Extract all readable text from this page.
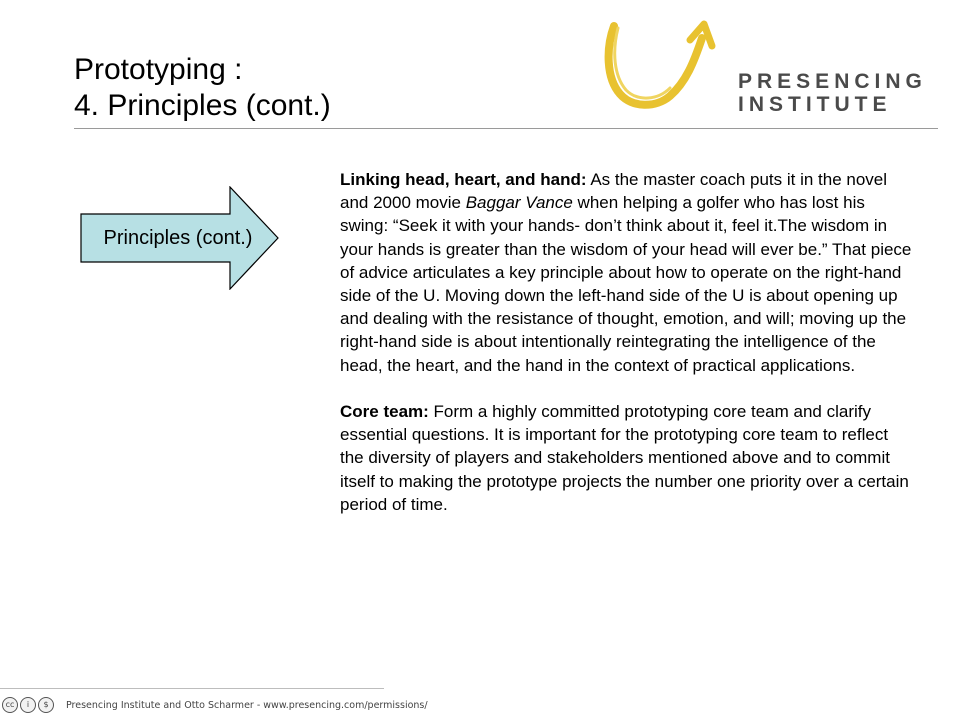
Prototyping :
4. Principles (cont.)
PRESENCING
INSTITUTE
Principles (cont.)

Linking head, heart, and hand: As the master coach puts it in the novel and 2000 movie Baggar Vance when helping a golfer who has lost his swing: “Seek it with your hands- don’t think about it, feel it.The wisdom in your hands is greater than the wisdom of your head will ever be.” That piece of advice articulates a key principle about how to operate on the right-hand side of the U. Moving down the left-hand side of the U is about opening up and dealing with the resistance of thought, emotion, and will; moving up the right-hand side is about intentionally reintegrating the intelligence of the head, the heart, and the hand in the context of practical applications.

Core team: Form a highly committed prototyping core team and clarify essential questions. It is important for the prototyping core team to reflect the diversity of players and stakeholders mentioned above and to commit itself to making the prototype projects the number one priority over a certain period of time.

cc	i	$	Presencing Institute and Otto Scharmer - www.presencing.com/permissions/
